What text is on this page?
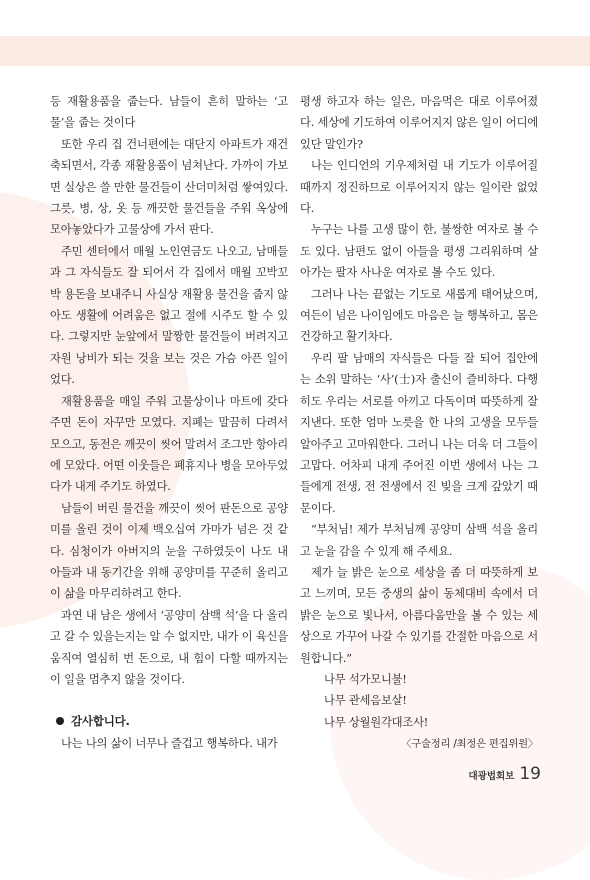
등 재활용품을 줍는다. 남들이 흔히 말하는 ‘고물’을 줍는 것이다

또한 우리 집 건너편에는 대단지 아파트가 재건축되면서, 각종 재활용품이 넘쳐난다. 가까이 가보면 실상은 쓸 만한 물건들이 산더미처럼 쌓여있다. 그릇, 병, 상, 옷 등 깨끗한 물건들을 주워 옥상에 모아놓았다가 고물상에 가서 판다.

주민 센터에서 매월 노인연금도 나오고, 남매들과 그 자식들도 잘 되어서 각 집에서 매월 꼬박꼬박 용돈을 보내주니 사실상 재활용 물건을 줍지 않아도 생활에 어려움은 없고 절에 시주도 할 수 있다. 그렇지만 눈앞에서 말짱한 물건들이 버려지고 자원 낭비가 되는 것을 보는 것은 가슴 아픈 일이었다.

재활용품을 매일 주워 고물상이나 마트에 갖다 주면 돈이 자꾸만 모였다. 지폐는 말끔히 다려서 모으고, 동전은 깨끗이 씻어 말려서 조그만 항아리에 모았다. 어떤 이웃들은 폐휴지나 병을 모아두었다가 내게 주기도 하였다.

남들이 버린 물건을 깨끗이 씻어 판돈으로 공양미를 올린 것이 이제 백오십여 가마가 넘은 것 같다. 심청이가 아버지의 눈을 구하였듯이 나도 내 아들과 내 동기간을 위해 공양미를 꾸준히 올리고 이 삶을 마무리하려고 한다.

과연 내 남은 생에서 ‘공양미 삼백 석’을 다 올리고 갈 수 있을는지는 알 수 없지만, 내가 이 육신을 움직여 열심히 번 돈으로, 내 힘이 다할 때까지는 이 일을 멈추지 않을 것이다.

감사합니다.

나는 나의 삶이 너무나 즐겁고 행복하다. 내가

평생 하고자 하는 일은, 마음먹은 대로 이루어졌다. 세상에 기도하여 이루어지지 않은 일이 어디에 있단 말인가?

나는 인디언의 기우제처럼 내 기도가 이루어질 때까지 정진하므로 이루어지지 않는 일이란 없었다.

누구는 나를 고생 많이 한, 불쌍한 여자로 볼 수도 있다. 남편도 없이 아들을 평생 그리워하며 살아가는 팔자 사나운 여자로 볼 수도 있다.

그러나 나는 끝없는 기도로 새롭게 태어났으며, 여든이 넘은 나이임에도 마음은 늘 행복하고, 몸은 건강하고 활기차다.

우리 팔 남매의 자식들은 다들 잘 되어 집안에는 소위 말하는 ‘사’(士)자 출신이 즐비하다. 다행히도 우리는 서로를 아끼고 다독이며 따뜻하게 잘 지낸다. 또한 엄마 노릇을 한 나의 고생을 모두들 알아주고 고마워한다. 그러니 나는 더욱 더 그들이 고맙다. 어차피 내게 주어진 이번 생에서 나는 그들에게 전생, 전 전생에서 진 빚을 크게 갚았기 때문이다.

“부처님! 제가 부처님께 공양미 삼백 석을 올리고 눈을 감을 수 있게 해 주세요.

제가 늘 밝은 눈으로 세상을 좀 더 따뜻하게 보고 느끼며, 모든 중생의 삶이 동체대비 속에서 더 밝은 눈으로 빛나서, 아름다움만을 볼 수 있는 세상으로 가꾸어 나갈 수 있기를 간절한 마음으로 서원합니다.”

나무 석가모니불!

나무 관세음보살!

나무 상월원각대조사!

〈구술정리 /최정은 편집위원〉

대광법회보 19
